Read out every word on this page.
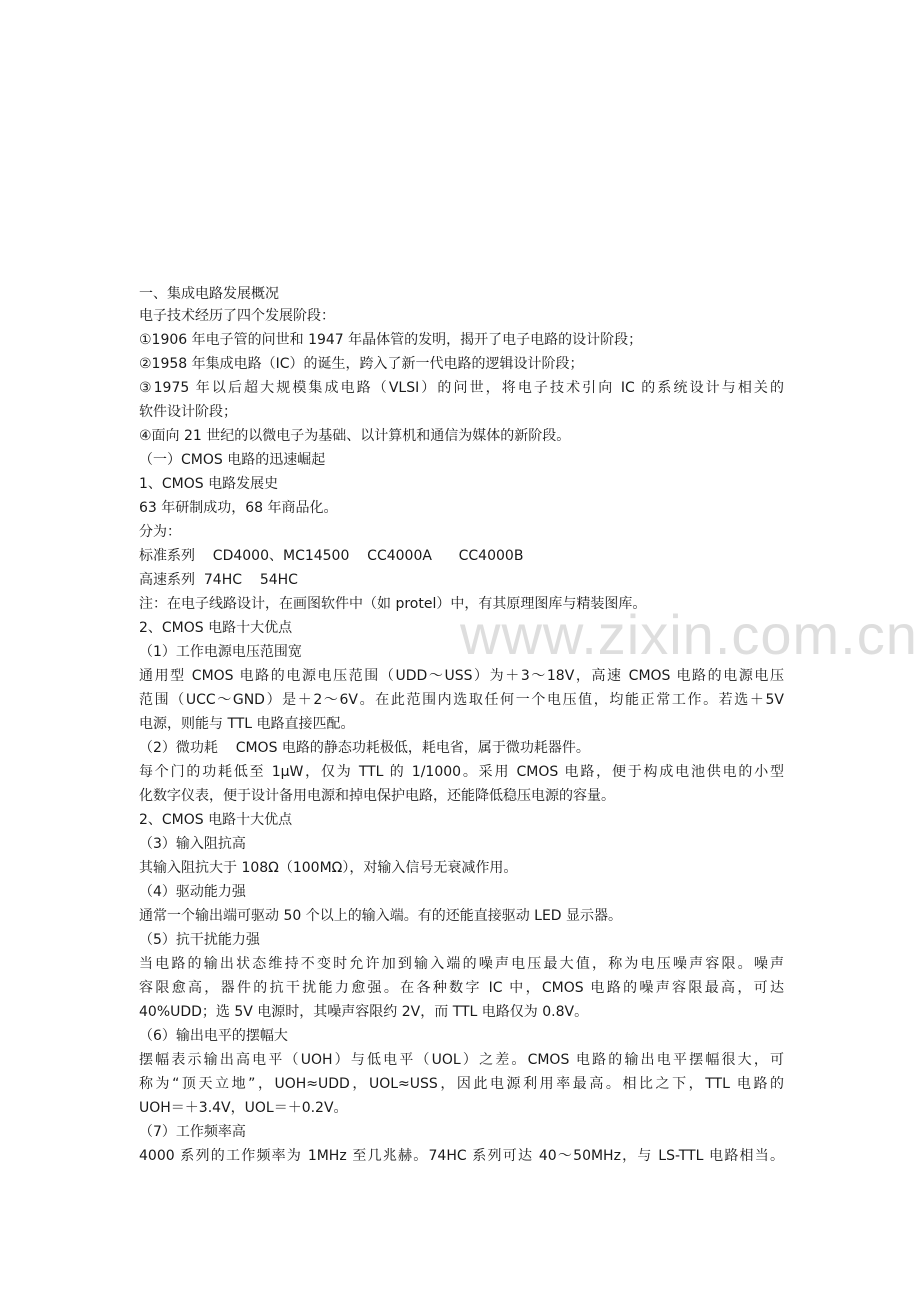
一、集成电路发展概况
电子技术经历了四个发展阶段：
①1906 年电子管的问世和 1947 年晶体管的发明，揭开了电子电路的设计阶段；
②1958 年集成电路（IC）的诞生，跨入了新一代电路的逻辑设计阶段；
③1975 年以后超大规模集成电路（VLSI）的问世，将电子技术引向 IC 的系统设计与相关的
软件设计阶段；
④面向 21 世纪的以微电子为基础、以计算机和通信为媒体的新阶段。
（一）CMOS 电路的迅速崛起
1、CMOS 电路发展史
63 年研制成功，68 年商品化。
分为：
标准系列    CD4000、MC14500    CC4000A      CC4000B
高速系列  74HC    54HC
注：在电子线路设计，在画图软件中（如 protel）中，有其原理图库与精装图库。
2、CMOS 电路十大优点
（1）工作电源电压范围宽
通用型 CMOS 电路的电源电压范围（UDD～USS）为＋3～18V，高速 CMOS 电路的电源电压
范围（UCC～GND）是＋2～6V。在此范围内选取任何一个电压值，均能正常工作。若选＋5V
电源，则能与 TTL 电路直接匹配。
（2）微功耗    CMOS 电路的静态功耗极低，耗电省，属于微功耗器件。
每个门的功耗低至 1μW，仅为 TTL 的 1/1000。采用 CMOS 电路，便于构成电池供电的小型
化数字仪表，便于设计备用电源和掉电保护电路，还能降低稳压电源的容量。
2、CMOS 电路十大优点
（3）输入阻抗高
其输入阻抗大于 108Ω（100MΩ），对输入信号无衰减作用。
（4）驱动能力强
通常一个输出端可驱动 50 个以上的输入端。有的还能直接驱动 LED 显示器。
（5）抗干扰能力强
当电路的输出状态维持不变时允许加到输入端的噪声电压最大值，称为电压噪声容限。噪声
容限愈高，器件的抗干扰能力愈强。在各种数字 IC 中，CMOS 电路的噪声容限最高，可达
40%UDD；选 5V 电源时，其噪声容限约 2V，而 TTL 电路仅为 0.8V。
（6）输出电平的摆幅大
摆幅表示输出高电平（UOH）与低电平（UOL）之差。CMOS 电路的输出电平摆幅很大，可
称为“顶天立地”，UOH≈UDD，UOL≈USS，因此电源利用率最高。相比之下，TTL 电路的
UOH＝＋3.4V，UOL＝＋0.2V。
（7）工作频率高
4000 系列的工作频率为 1MHz 至几兆赫。74HC 系列可达 40～50MHz，与 LS-TTL 电路相当。
www.zixin.com.cn
